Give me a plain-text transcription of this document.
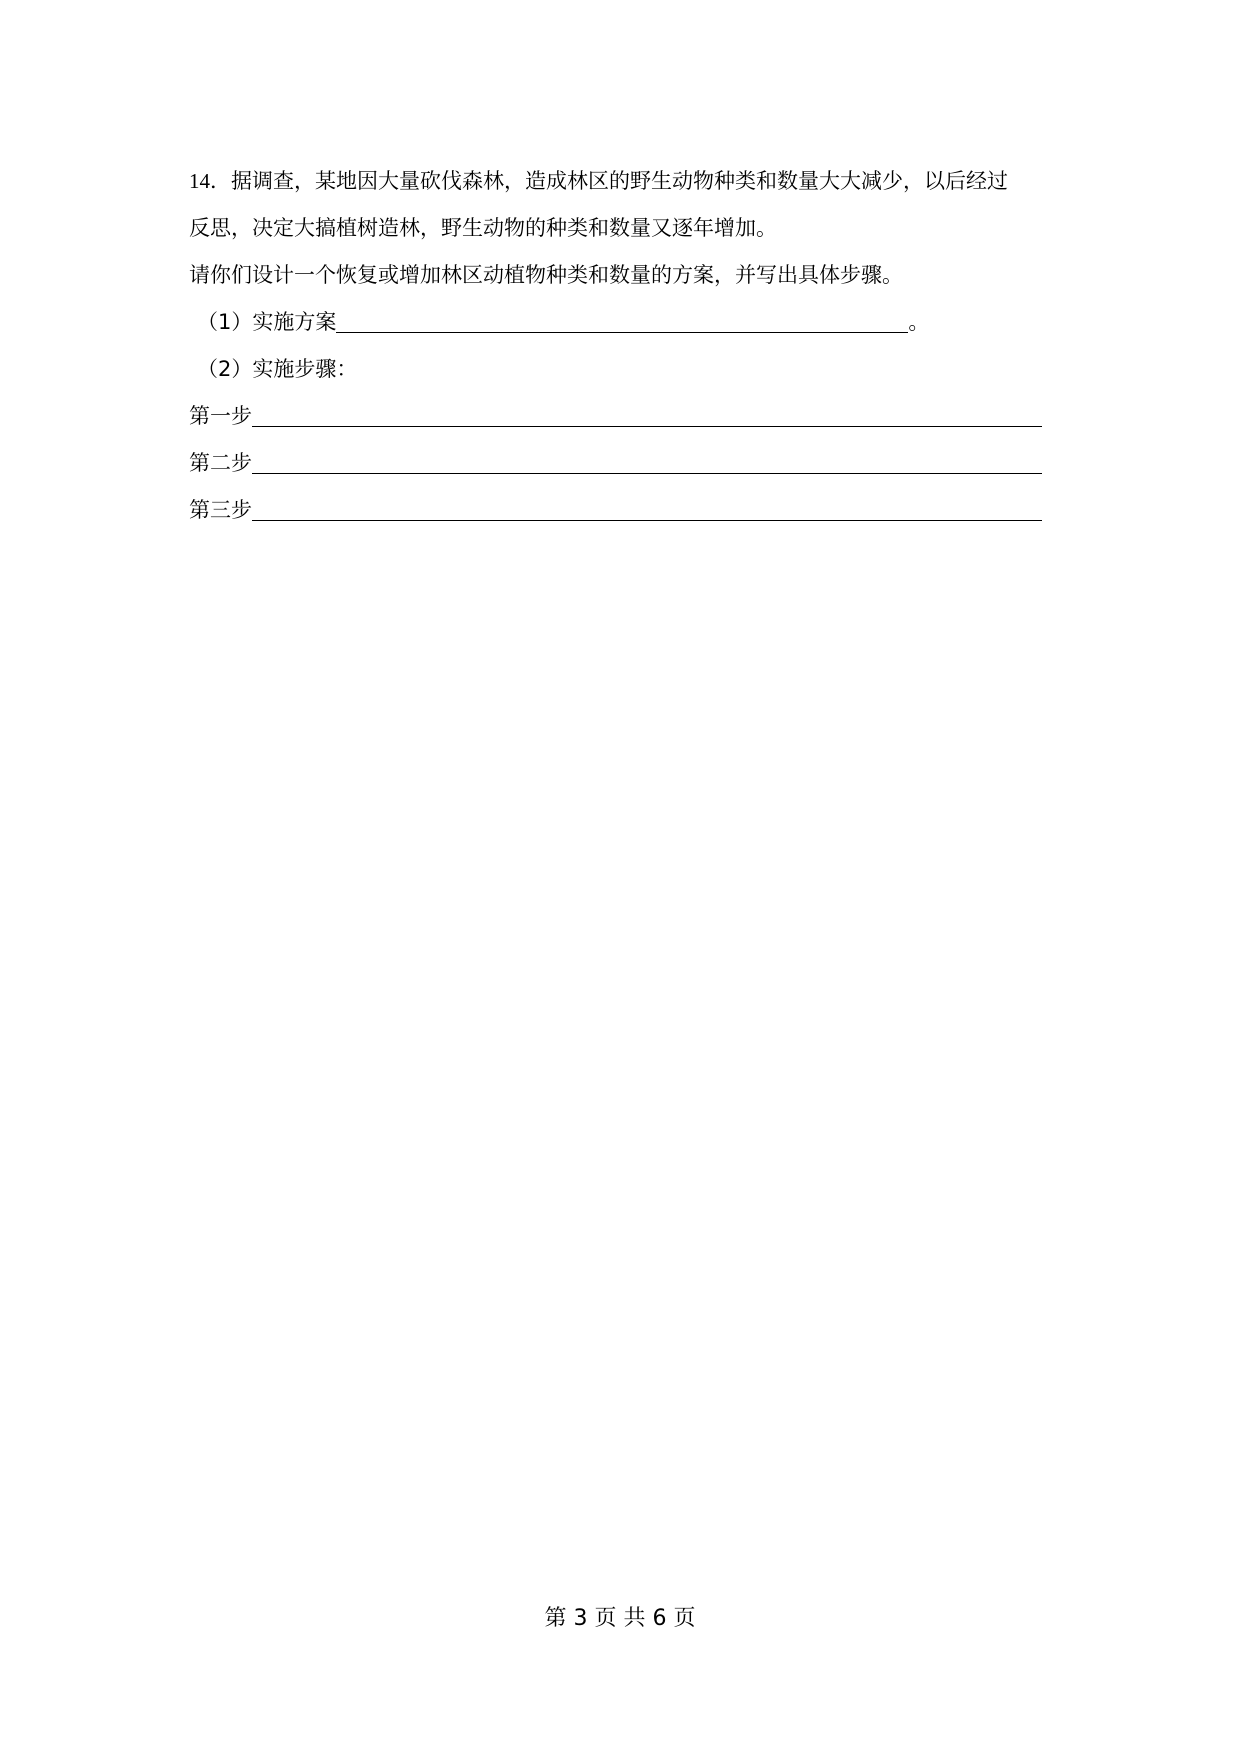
14．据调查，某地因大量砍伐森林，造成林区的野生动物种类和数量大大减少，以后经过
反思，决定大搞植树造林，野生动物的种类和数量又逐年增加。
请你们设计一个恢复或增加林区动植物种类和数量的方案，并写出具体步骤。
（1）实施方案	。
（2）实施步骤：
第一步
第二步
第三步
第 3 页 共 6 页
